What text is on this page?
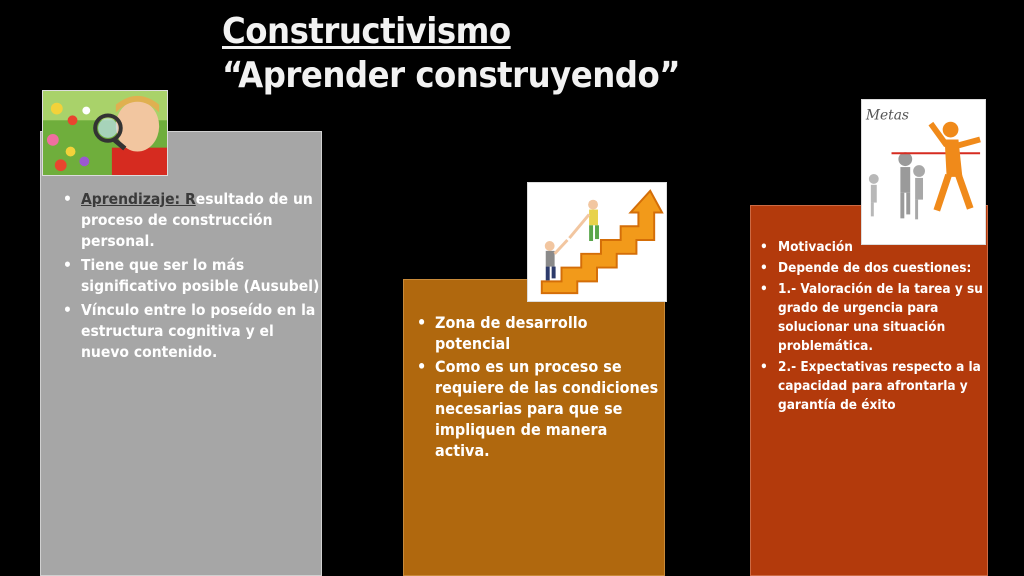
Constructivismo
“Aprender construyendo”
• Aprendizaje: Resultado de un proceso de construcción personal.
• Tiene que ser lo más significativo posible (Ausubel)
• Vínculo entre lo poseído en la estructura cognitiva y el nuevo contenido.
• Zona de desarrollo potencial
• Como es un proceso se requiere de las condiciones necesarias para que se impliquen de manera activa.
• Motivación
• Depende de dos cuestiones:
• 1.- Valoración de la tarea y su grado de urgencia para solucionar una situación problemática.
• 2.- Expectativas respecto a la capacidad para afrontarla y garantía de éxito
Metas
